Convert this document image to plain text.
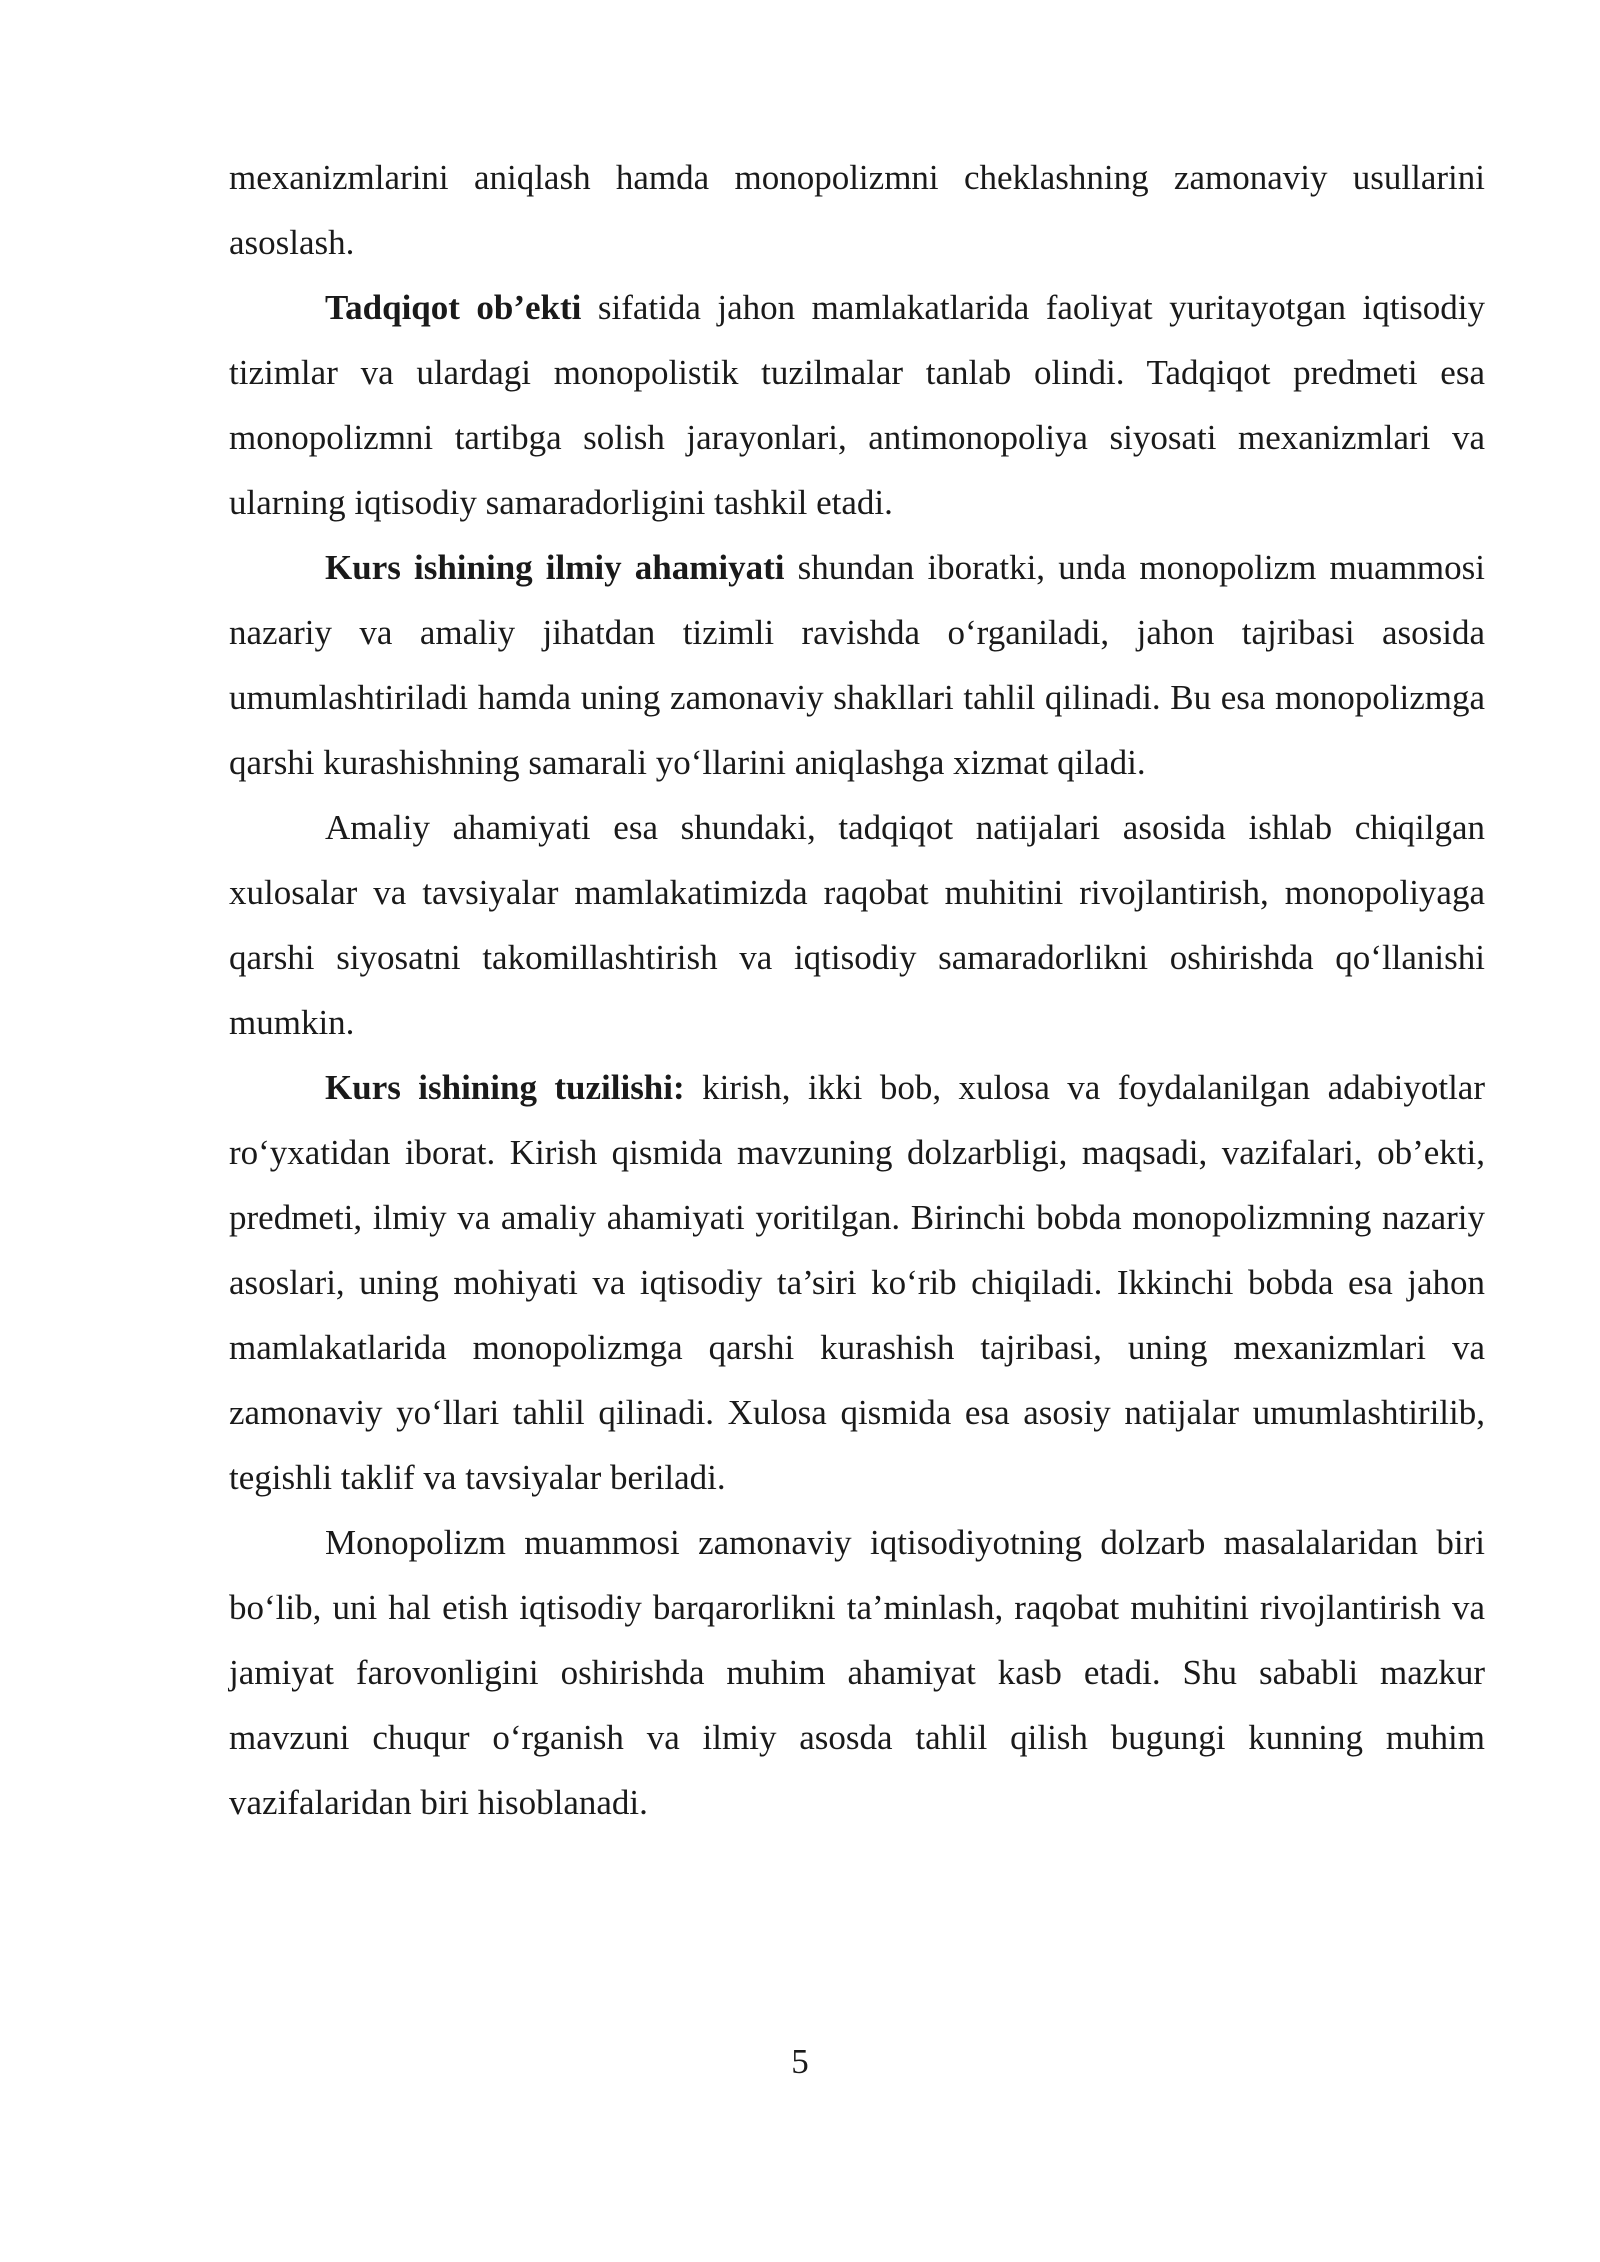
mexanizmlarini aniqlash hamda monopolizmni cheklashning zamonaviy usullarini asoslash.

Tadqiqot ob’ekti sifatida jahon mamlakatlarida faoliyat yuritayotgan iqtisodiy tizimlar va ulardagi monopolistik tuzilmalar tanlab olindi. Tadqiqot predmeti esa monopolizmni tartibga solish jarayonlari, antimonopoliya siyosati mexanizmlari va ularning iqtisodiy samaradorligini tashkil etadi.

Kurs ishining ilmiy ahamiyati shundan iboratki, unda monopolizm muammosi nazariy va amaliy jihatdan tizimli ravishda o‘rganiladi, jahon tajribasi asosida umumlashtiriladi hamda uning zamonaviy shakllari tahlil qilinadi. Bu esa monopolizmga qarshi kurashishning samarali yo‘llarini aniqlashga xizmat qiladi.

Amaliy ahamiyati esa shundaki, tadqiqot natijalari asosida ishlab chiqilgan xulosalar va tavsiyalar mamlakatimizda raqobat muhitini rivojlantirish, monopoliyaga qarshi siyosatni takomillashtirish va iqtisodiy samaradorlikni oshirishda qo‘llanishi mumkin.

Kurs ishining tuzilishi: kirish, ikki bob, xulosa va foydalanilgan adabiyotlar ro‘yxatidan iborat. Kirish qismida mavzuning dolzarbligi, maqsadi, vazifalari, ob’ekti, predmeti, ilmiy va amaliy ahamiyati yoritilgan. Birinchi bobda monopolizmning nazariy asoslari, uning mohiyati va iqtisodiy ta’siri ko‘rib chiqiladi. Ikkinchi bobda esa jahon mamlakatlarida monopolizmga qarshi kurashish tajribasi, uning mexanizmlari va zamonaviy yo‘llari tahlil qilinadi. Xulosa qismida esa asosiy natijalar umumlashtirilib, tegishli taklif va tavsiyalar beriladi.

Monopolizm muammosi zamonaviy iqtisodiyotning dolzarb masalalaridan biri bo‘lib, uni hal etish iqtisodiy barqarorlikni ta’minlash, raqobat muhitini rivojlantirish va jamiyat farovonligini oshirishda muhim ahamiyat kasb etadi. Shu sababli mazkur mavzuni chuqur o‘rganish va ilmiy asosda tahlil qilish bugungi kunning muhim vazifalaridan biri hisoblanadi.

5
